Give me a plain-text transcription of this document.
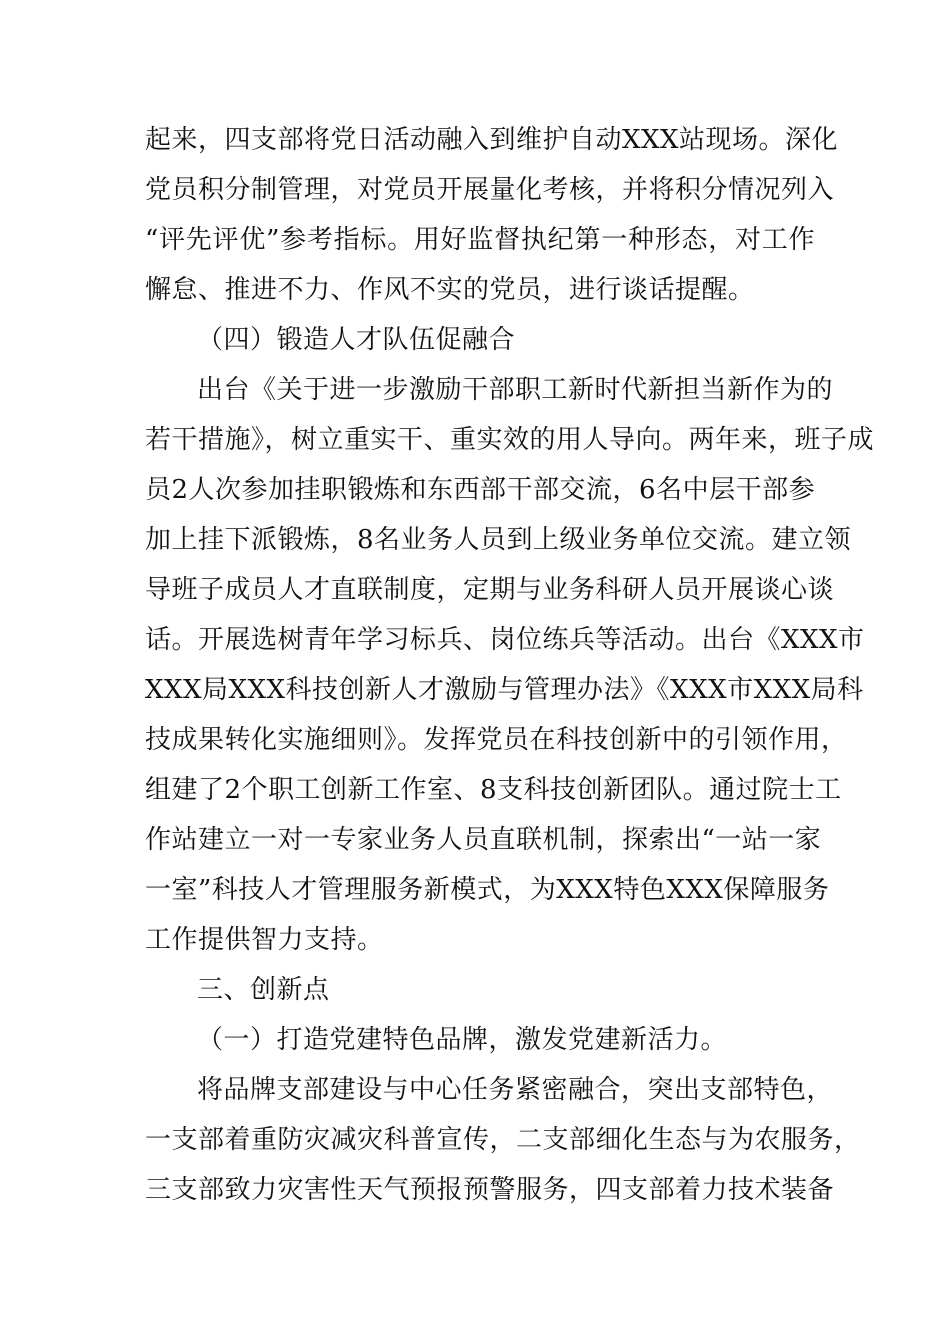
起来，四支部将党日活动融入到维护自动XXX站现场。深化
党员积分制管理，对党员开展量化考核，并将积分情况列入
“评先评优”参考指标。用好监督执纪第一种形态，对工作
懈怠、推进不力、作风不实的党员，进行谈话提醒。
（四）锻造人才队伍促融合
出台《关于进一步激励干部职工新时代新担当新作为的
若干措施》，树立重实干、重实效的用人导向。两年来，班子成
员2人次参加挂职锻炼和东西部干部交流，6名中层干部参
加上挂下派锻炼，8名业务人员到上级业务单位交流。建立领
导班子成员人才直联制度，定期与业务科研人员开展谈心谈
话。开展选树青年学习标兵、岗位练兵等活动。出台《XXX市
XXX局XXX科技创新人才激励与管理办法》《XXX市XXX局科
技成果转化实施细则》。发挥党员在科技创新中的引领作用，
组建了2个职工创新工作室、8支科技创新团队。通过院士工
作站建立一对一专家业务人员直联机制，探索出“一站一家
一室”科技人才管理服务新模式，为XXX特色XXX保障服务
工作提供智力支持。
三、创新点
（一）打造党建特色品牌，激发党建新活力。
将品牌支部建设与中心任务紧密融合，突出支部特色，
一支部着重防灾减灾科普宣传，二支部细化生态与为农服务，
三支部致力灾害性天气预报预警服务，四支部着力技术装备
